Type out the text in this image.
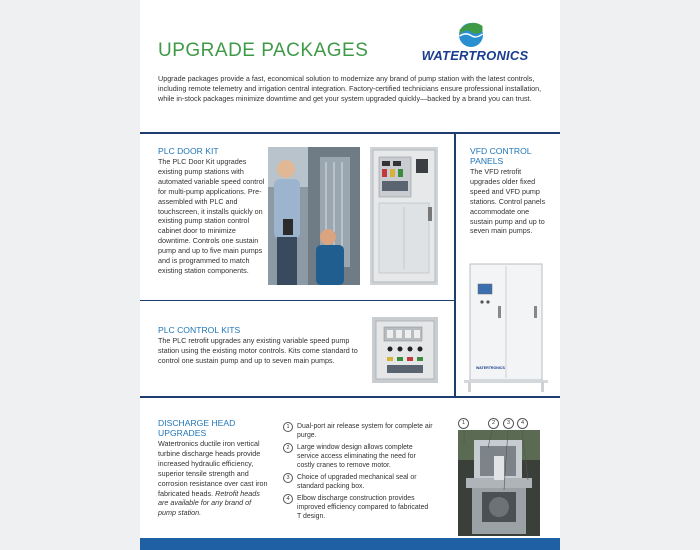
UPGRADE PACKAGES	WATERTRONICS

Upgrade packages provide a fast, economical solution to modernize any brand of pump station with the latest controls, including remote telemetry and irrigation central integration. Factory-certified technicians ensure professional installation, while in-stock packages minimize downtime and get your system upgraded quickly—backed by a brand you can trust.

PLC DOOR KIT

The PLC Door Kit upgrades existing pump stations with automated variable speed control for multi-pump applications. Pre-assembled with PLC and touchscreen, it installs quickly on existing pump station control cabinet door to minimize downtime. Controls one sustain pump and up to five main pumps and is programmed to match existing station components.

VFD CONTROL
PANELS

The VFD retrofit upgrades older fixed speed and VFD pump stations. Control panels accommodate one sustain pump and up to seven main pumps.

WATERTRONICS
PLC CONTROL KITS

The PLC retrofit upgrades any existing variable speed pump station using the existing motor controls. Kits come standard to control one sustain pump and up to seven main pumps.

DISCHARGE HEAD
UPGRADES

Watertronics ductile iron vertical turbine discharge heads provide increased hydraulic efficiency, superior tensile strength and corrosion resistance over cast iron fabricated heads. Retrofit heads are available for any brand of pump station.

1	Dual-port air release system for complete air purge.
2	Large window design allows complete service access eliminating the need for costly cranes to remove motor.
3	Choice of upgraded mechanical seal or standard packing box.
4	Elbow discharge construction provides improved efficiency compared to fabricated T design.
1	2	3	4
